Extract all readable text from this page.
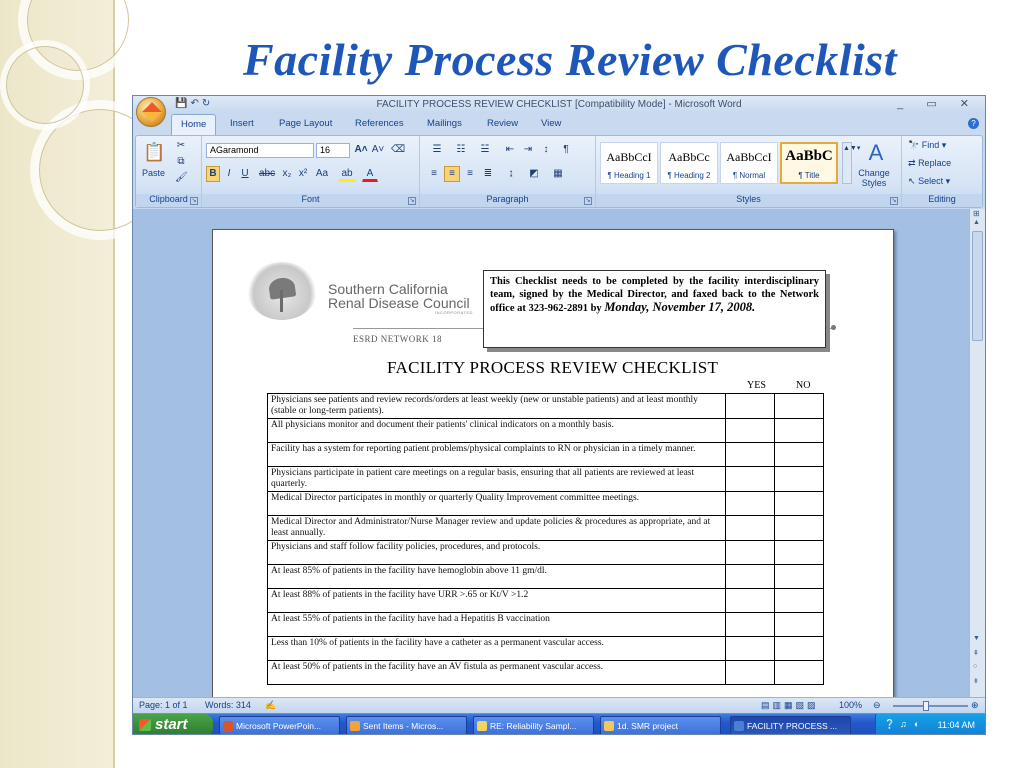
Facility Process Review Checklist
FACILITY PROCESS REVIEW CHECKLIST [Compatibility Mode] - Microsoft Word
💾↶↻	_ ▭ ✕
Home	Insert	Page Layout References Mailings	Review View	?
📋
Paste
✂
⧉
🖌
Clipboard ↘
AGaramond	16	A˄ A˅ ⌫
B	I	U	abc x₂ x² Aa	ab	A
Font	↘
☰	☷	☱	⇤ ⇥	↕	¶
≡	≡	≡	≣	↨	◩	▦
Paragraph	↘
AaBbCcI
¶ Heading 1
AaBbCc
¶ Heading 2
AaBbCcI
¶ Normal
AaBbC
¶ Title
▲▼▾ A
Change Styles
Styles	↘
🔭 Find ▾
⇄ Replace
↖ Select ▾
Editing
Southern California
Renal Disease Council
INCORPORATED
ESRD NETWORK 18
This Checklist needs to be completed by the facility interdisciplinary team, signed by the Medical Director, and faxed back to the Network office at 323-962-2891 by Monday, November 17, 2008.
FACILITY PROCESS REVIEW CHECKLIST
YES	NO
Physicians see patients and review records/orders at least weekly (new or unstable patients) and at least monthly (stable or long-term patients).		
All physicians monitor and document their patients' clinical indicators on a monthly basis.		
Facility has a system for reporting patient problems/physical complaints to RN or physician in a timely manner.		
Physicians participate in patient care meetings on a regular basis, ensuring that all patients are reviewed at least quarterly.		
Medical Director participates in monthly or quarterly Quality Improvement committee meetings.		
Medical Director and Administrator/Nurse Manager review and update policies & procedures as appropriate, and at least annually.		
Physicians and staff follow facility policies, procedures, and protocols.		
At least 85% of patients in the facility have hemoglobin above 11 gm/dl.		
At least 88% of patients in the facility have URR >.65 or Kt/V >1.2		
At least 55% of patients in the facility have had a Hepatitis B vaccination		
Less than 10% of patients in the facility have a catheter as a permanent vascular access.		
At least 50% of patients in the facility have an AV fistula as permanent vascular access.		
▲
⊞
▼
⇞
○
⇟
Page: 1 of 1 Words: 314 ✍	▤▥▦▧▨ 100% ⊖	⊕
start	Microsoft PowerPoin...	Sent Items - Micros...	RE: Reliability Sampl...	1d. SMR project	FACILITY PROCESS ...	❔ ♫ ◐ 11:04 AM
